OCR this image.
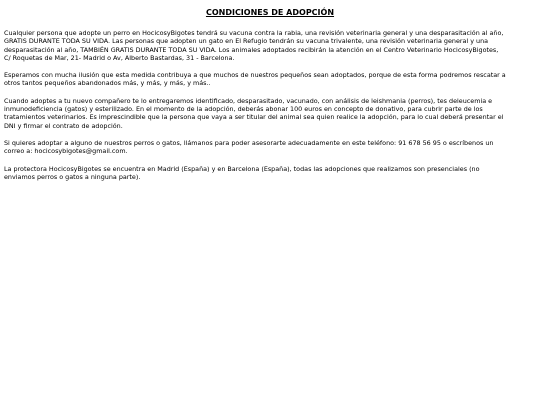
CONDICIONES DE ADOPCIÓN
Cualquier persona que adopte un perro en HocicosyBigotes tendrá su vacuna contra la rabia, una revisión veterinaria general y una desparasitación al año,
GRATIS DURANTE TODA SU VIDA. Las personas que adopten un gato en El Refugio tendrán su vacuna trivalente, una revisión veterinaria general y una
desparasitación al año, TAMBIÉN GRATIS DURANTE TODA SU VIDA. Los animales adoptados recibirán la atención en el Centro Veterinario HocicosyBigotes,
C/ Roquetas de Mar, 21- Madrid o Av, Alberto Bastardas, 31 - Barcelona.
Esperamos con mucha ilusión que esta medida contribuya a que muchos de nuestros pequeños sean adoptados, porque de esta forma podremos rescatar a
otros tantos pequeños abandonados más, y más, y más, y más..
Cuando adoptes a tu nuevo compañero te lo entregaremos identificado, desparasitado, vacunado, con análisis de leishmania (perros), tes deleucemia e
inmunodeficiencia (gatos) y esterilizado. En el momento de la adopción, deberás abonar 100 euros en concepto de donativo, para cubrir parte de los
tratamientos veterinarios. Es imprescindible que la persona que vaya a ser titular del animal sea quien realice la adopción, para lo cual deberá presentar el
DNI y firmar el contrato de adopción.
Si quieres adoptar a alguno de nuestros perros o gatos, llámanos para poder asesorarte adecuadamente en este teléfono: 91 678 56 95 o escríbenos un
correo a: hocicosybigotes@gmail.com.
La protectora HocicosyBigotes se encuentra en Madrid (España) y en Barcelona (España), todas las adopciones que realizamos son presenciales (no
enviamos perros o gatos a ninguna parte).
